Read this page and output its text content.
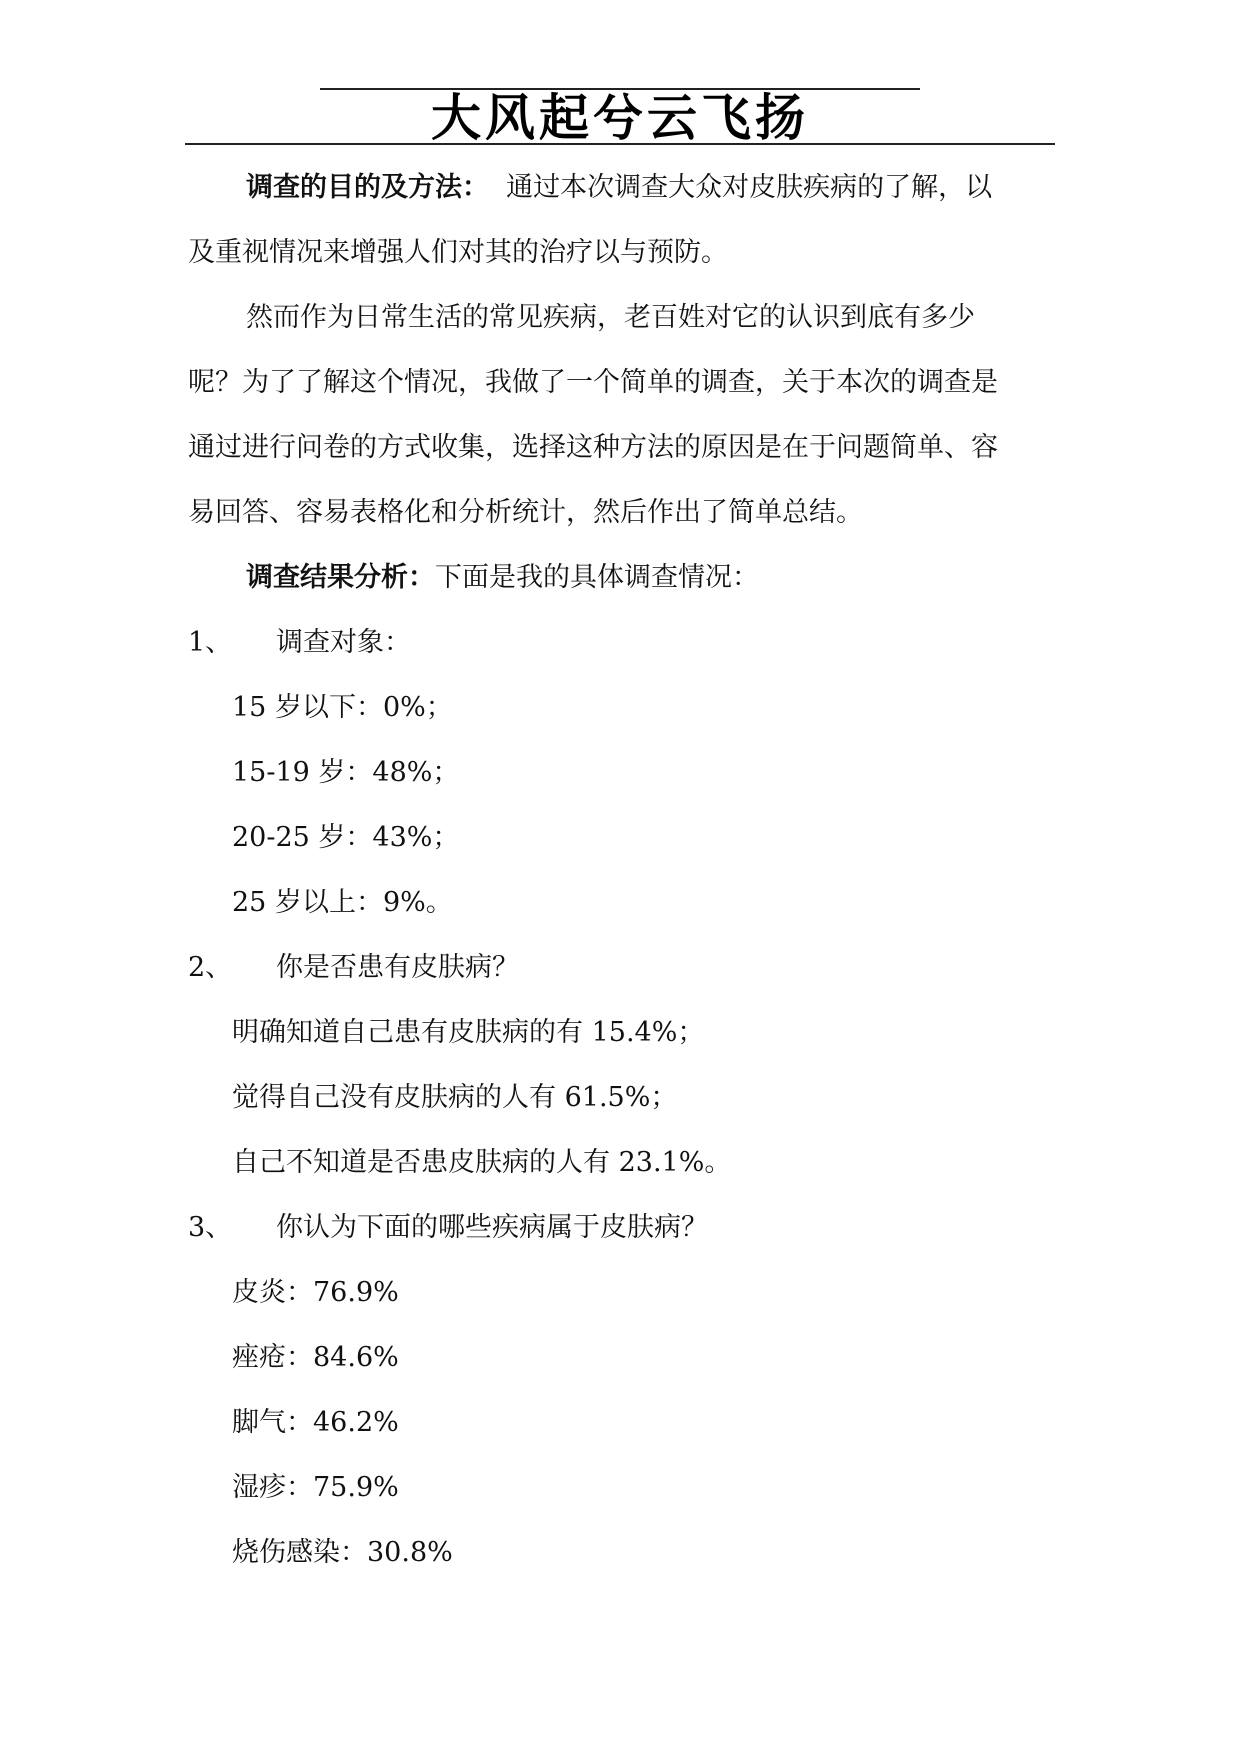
大风起兮云飞扬

调查的目的及方法： 通过本次调查大众对皮肤疾病的了解，以

及重视情况来增强人们对其的治疗以与预防。

然而作为日常生活的常见疾病，老百姓对它的认识到底有多少

呢？为了了解这个情况，我做了一个简单的调查，关于本次的调查是

通过进行问卷的方式收集，选择这种方法的原因是在于问题简单、容

易回答、容易表格化和分析统计，然后作出了简单总结。

调查结果分析：下面是我的具体调查情况：

1、	调查对象：

15 岁以下：0%；

15-19 岁：48%；

20-25 岁：43%；

25 岁以上：9%。

2、	你是否患有皮肤病？

明确知道自己患有皮肤病的有 15.4%；

觉得自己没有皮肤病的人有 61.5%；

自己不知道是否患皮肤病的人有 23.1%。

3、	你认为下面的哪些疾病属于皮肤病？

皮炎：76.9%

痤疮：84.6%

脚气：46.2%

湿疹：75.9%

烧伤感染：30.8%
